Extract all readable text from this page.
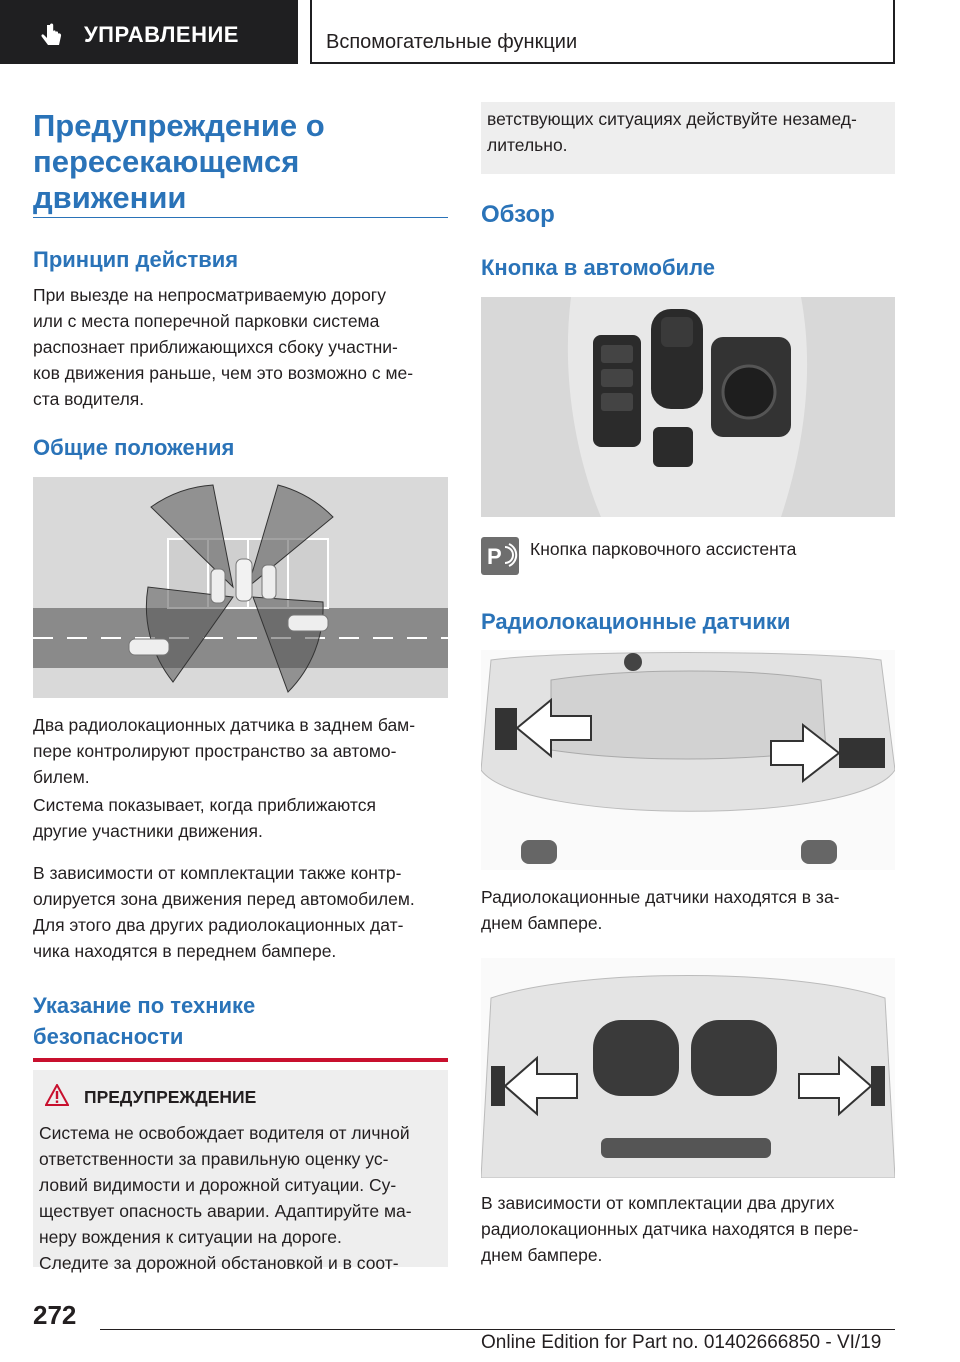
УПРАВЛЕНИЕ	Вспомогательные функции
Предупреждение о
пересекающемся
движении
Принцип действия
При выезде на непросматриваемую дорогу
или с места поперечной парковки система
распознает приближающихся сбоку участни-
ков движения раньше, чем это возможно с ме-
ста водителя.
Общие положения
Два радиолокационных датчика в заднем бам-
пере контролируют пространство за автомо-
билем.
Система показывает, когда приближаются
другие участники движения.
В зависимости от комплектации также контр-
олируется зона движения перед автомобилем.
Для этого два других радиолокационных дат-
чика находятся в переднем бампере.
Указание по технике
безопасности
ПРЕДУПРЕЖДЕНИЕ
Система не освобождает водителя от личной
ответственности за правильную оценку ус-
ловий видимости и дорожной ситуации. Су-
ществует опасность аварии. Адаптируйте ма-
неру вождения к ситуации на дороге.
Следите за дорожной обстановкой и в соот-
ветствующих ситуациях действуйте незамед-
лительно.
Обзор
Кнопка в автомобиле
P Кнопка парковочного ассистента
Радиолокационные датчики
Радиолокационные датчики находятся в за-
днем бампере.
В зависимости от комплектации два других
радиолокационных датчика находятся в пере-
днем бампере.
272
Online Edition for Part no. 01402666850 - VI/19
